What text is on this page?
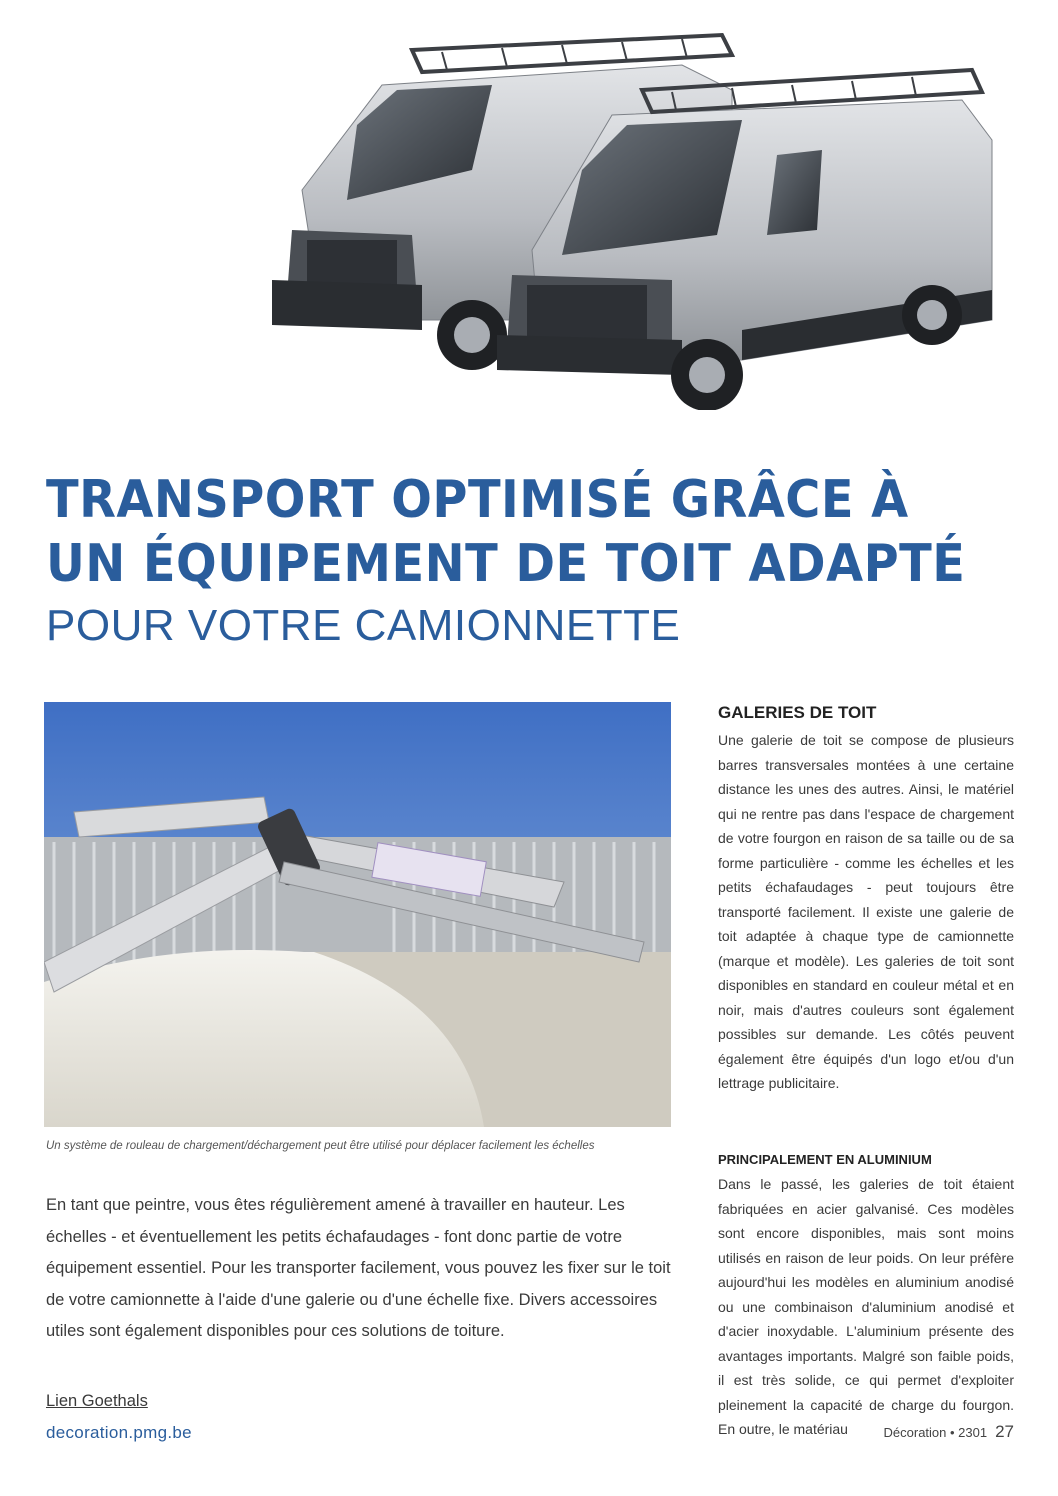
TRANSPORT OPTIMISÉ GRÂCE À
UN ÉQUIPEMENT DE TOIT ADAPTÉ
POUR VOTRE CAMIONNETTE
Un système de rouleau de chargement/déchargement peut être utilisé pour déplacer facilement les échelles

En tant que peintre, vous êtes régulièrement amené à travailler en hauteur. Les échelles - et éventuellement les petits échafaudages - font donc partie de votre équipement essentiel. Pour les transporter facilement, vous pouvez les fixer sur le toit de votre camionnette à l'aide d'une galerie ou d'une échelle fixe. Divers accessoires utiles sont également disponibles pour ces solutions de toiture.

Lien Goethals
GALERIES DE TOIT

Une galerie de toit se compose de plusieurs barres transversales montées à une certaine distance les unes des autres. Ainsi, le matériel qui ne rentre pas dans l'espace de chargement de votre fourgon en raison de sa taille ou de sa forme particulière - comme les échelles et les petits échafaudages - peut toujours être transporté facilement. Il existe une galerie de toit adaptée à chaque type de camionnette (marque et modèle). Les galeries de toit sont disponibles en standard en couleur métal et en noir, mais d'autres couleurs sont également possibles sur demande. Les côtés peuvent également être équipés d'un logo et/ou d'un lettrage publicitaire.

PRINCIPALEMENT EN ALUMINIUM

Dans le passé, les galeries de toit étaient fabriquées en acier galvanisé. Ces modèles sont encore disponibles, mais sont moins utilisés en raison de leur poids. On leur préfère aujourd'hui les modèles en aluminium anodisé ou une combinaison d'aluminium anodisé et d'acier inoxydable. L'aluminium présente des avantages importants. Malgré son faible poids, il est très solide, ce qui permet d'exploiter pleinement la capacité de charge du fourgon. En outre, le matériau

decoration.pmg.be	Décoration • 2301 27
